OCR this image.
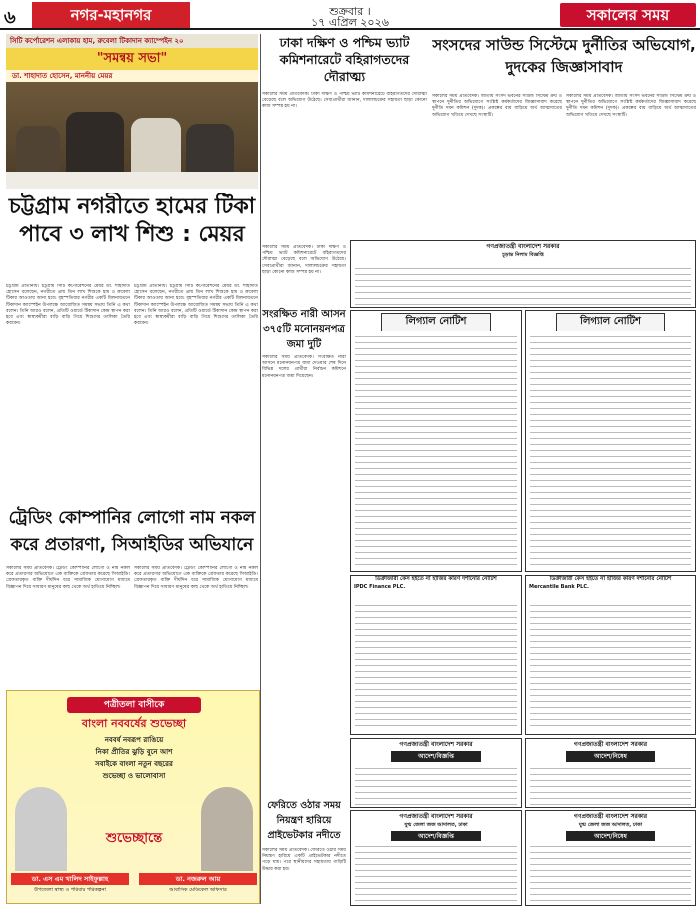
৬	নগর-মহানগর	শুক্রবার ।
১৭ এপ্রিল ২০২৬	সকালের সময়
সিটি কর্পোরেশন এলাকায় হাম, রুবেলা টিকাদান ক্যাম্পেইন ২০
"সমন্বয় সভা"
ডা. শাহাদাত হোসেন, মাননীয় মেয়র
চট্টগ্রাম নগরীতে হামের টিকা পাবে ৩ লাখ শিশু : মেয়র
চট্টগ্রাম প্রতিনিধি। চট্টগ্রাম সিটি কর্পোরেশনের মেয়র ডা. শাহাদাত হোসেন বলেছেন, নগরীতে প্রায় তিন লাখ শিশুকে হাম ও রুবেলা টিকার আওতায় আনা হবে। বৃহস্পতিবার নগরীর একটি মিলনায়তনে টিকাদান ক্যাম্পেইন উপলক্ষে আয়োজিত সমন্বয় সভায় তিনি এ কথা বলেন। তিনি আরও বলেন, প্রতিটি ওয়ার্ডে টিকাদান কেন্দ্র স্থাপন করা হবে এবং স্বাস্থ্যকর্মীরা বাড়ি বাড়ি গিয়ে শিশুদের তালিকা তৈরি করবেন।
চট্টগ্রাম প্রতিনিধি। চট্টগ্রাম সিটি কর্পোরেশনের মেয়র ডা. শাহাদাত হোসেন বলেছেন, নগরীতে প্রায় তিন লাখ শিশুকে হাম ও রুবেলা টিকার আওতায় আনা হবে। বৃহস্পতিবার নগরীর একটি মিলনায়তনে টিকাদান ক্যাম্পেইন উপলক্ষে আয়োজিত সমন্বয় সভায় তিনি এ কথা বলেন। তিনি আরও বলেন, প্রতিটি ওয়ার্ডে টিকাদান কেন্দ্র স্থাপন করা হবে এবং স্বাস্থ্যকর্মীরা বাড়ি বাড়ি গিয়ে শিশুদের তালিকা তৈরি করবেন।
ট্রেডিং কোম্পানির লোগো নাম নকল করে প্রতারণা, সিআইডির অভিযানে
সকালের সময় প্রতিবেদক। ট্রেডিং কোম্পানির লোগো ও নাম নকল করে প্রতারণার অভিযোগে এক ব্যক্তিকে গ্রেফতার করেছে সিআইডি। গ্রেফতারকৃত ব্যক্তি দীর্ঘদিন ধরে সামাজিক যোগাযোগ মাধ্যমে বিজ্ঞাপন দিয়ে সাধারণ মানুষের কাছ থেকে অর্থ হাতিয়ে নিচ্ছিল।
সকালের সময় প্রতিবেদক। ট্রেডিং কোম্পানির লোগো ও নাম নকল করে প্রতারণার অভিযোগে এক ব্যক্তিকে গ্রেফতার করেছে সিআইডি। গ্রেফতারকৃত ব্যক্তি দীর্ঘদিন ধরে সামাজিক যোগাযোগ মাধ্যমে বিজ্ঞাপন দিয়ে সাধারণ মানুষের কাছ থেকে অর্থ হাতিয়ে নিচ্ছিল।
পত্রীতলা বাসীকে
বাংলা নববর্ষের শুভেচ্ছা
নববর্ষ নবরূপ রাঙিয়ে
নিকা প্রীতির ঝুড়ি বুনে আশ
সবাইকে বাংলা নতুন বছরের
শুভেচ্ছা ও ভালোবাসা
শুভেচ্ছান্তে
ডা. এস এম খালিদ সাইফুল্লাহ	ডা. নজরুল আয়
উপজেলা স্বাস্থ্য ও পরিবার পরিকল্পনা	আবাসিক মেডিকেল অফিসার
ঢাকা দক্ষিণ ও পশ্চিম ভ্যাট কমিশনারেটে বহিরাগতদের দৌরাত্ম্য
সকালের সময় প্রতিবেদক। ঢাকা দক্ষিণ ও পশ্চিম ভ্যাট কমিশনারেটে বহিরাগতদের দৌরাত্ম্য বেড়েছে বলে অভিযোগ উঠেছে। সেবাপ্রার্থীরা জানান, দালালচক্রের সহায়তা ছাড়া কোনো কাজ সম্পন্ন হয় না।
সকালের সময় প্রতিবেদক। ঢাকা দক্ষিণ ও পশ্চিম ভ্যাট কমিশনারেটে বহিরাগতদের দৌরাত্ম্য বেড়েছে বলে অভিযোগ উঠেছে। সেবাপ্রার্থীরা জানান, দালালচক্রের সহায়তা ছাড়া কোনো কাজ সম্পন্ন হয় না।
গণপ্রজাতন্ত্রী বাংলাদেশ সরকার
চূড়ান্ত নিলাম বিজ্ঞপ্তি
সংরক্ষিত নারী আসন ৩৭৫টি মনোনয়নপত্র জমা দুটি
সকালের সময় প্রতিবেদক। সংরক্ষিত নারী আসনে মনোনয়নপত্র জমা দেওয়ার শেষ দিনে বিভিন্ন দলের প্রার্থীরা নির্বাচন কমিশনে মনোনয়নপত্র জমা দিয়েছেন।
ফেরিতে ওঠার সময় নিয়ন্ত্রণ হারিয়ে প্রাইভেটকার নদীতে
সকালের সময় প্রতিবেদক। ফেরিতে ওঠার সময় নিয়ন্ত্রণ হারিয়ে একটি প্রাইভেটকার নদীতে পড়ে যায়। পরে স্থানীয়দের সহায়তায় গাড়িটি উদ্ধার করা হয়।
সংসদের সাউন্ড সিস্টেমে দুর্নীতির অভিযোগ, দুদকের জিজ্ঞাসাবাদ
সকালের সময় প্রতিবেদক। জাতীয় সংসদ ভবনের সাউন্ড সিস্টেম ক্রয় ও স্থাপনে দুর্নীতির অভিযোগে সংশ্লিষ্ট কর্মকর্তাদের জিজ্ঞাসাবাদ করেছে দুর্নীতি দমন কমিশন (দুদক)। প্রকল্পের ব্যয় বাড়িয়ে অর্থ আত্মসাতের অভিযোগ খতিয়ে দেখছে সংস্থাটি।
সকালের সময় প্রতিবেদক। জাতীয় সংসদ ভবনের সাউন্ড সিস্টেম ক্রয় ও স্থাপনে দুর্নীতির অভিযোগে সংশ্লিষ্ট কর্মকর্তাদের জিজ্ঞাসাবাদ করেছে দুর্নীতি দমন কমিশন (দুদক)। প্রকল্পের ব্যয় বাড়িয়ে অর্থ আত্মসাতের অভিযোগ খতিয়ে দেখছে সংস্থাটি।
লিগ্যাল নোটিশ	লিগ্যাল নোটিশ
ডিক্রীজারী কেস হইতে না হাজির কারণ দর্শানোর নোটিশ
IPDC Finance PLC.
ডিক্রীজারী কেস হইতে না হাজির কারণ দর্শানোর নোটিশ
Mercantile Bank PLC.
গণপ্রজাতন্ত্রী বাংলাদেশ সরকার
আদেশ/বিজ্ঞপ্তি
গণপ্রজাতন্ত্রী বাংলাদেশ সরকার
আদেশ/নিষেধ
গণপ্রজাতন্ত্রী বাংলাদেশ সরকার
যুগ্ম জেলা জজ আদালত, ঢাকা
আদেশ/বিজ্ঞপ্তি
গণপ্রজাতন্ত্রী বাংলাদেশ সরকার
যুগ্ম জেলা জজ আদালত, ঢাকা
আদেশ/নিষেধ
